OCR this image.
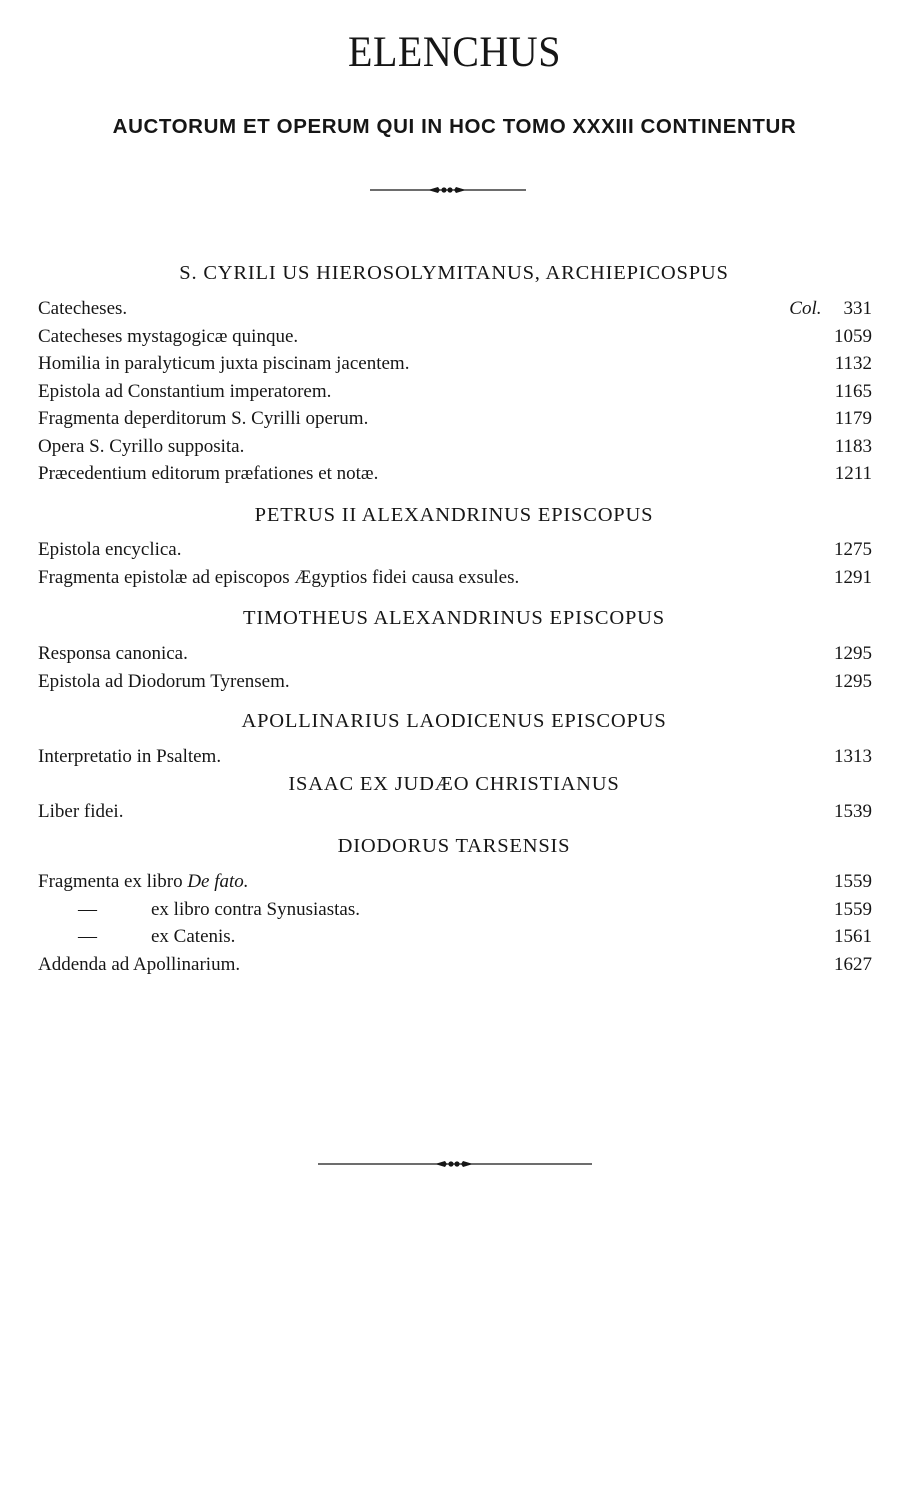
ELENCHUS
AUCTORUM ET OPERUM QUI IN HOC TOMO XXXIII CONTINENTUR
S. CYRILI US HIEROSOLYMITANUS, ARCHIEPICOSPUS
Catecheses.	Col. 331
Catecheses mystagogicæ quinque.	1059
Homilia in paralyticum juxta piscinam jacentem.	1132
Epistola ad Constantium imperatorem.	1165
Fragmenta deperditorum S. Cyrilli operum.	1179
Opera S. Cyrillo supposita.	1183
Præcedentium editorum præfationes et notæ.	1211
PETRUS II ALEXANDRINUS EPISCOPUS
Epistola encyclica.	1275
Fragmenta epistolæ ad episcopos Ægyptios fidei causa exsules.	1291
TIMOTHEUS ALEXANDRINUS EPISCOPUS
Responsa canonica.	1295
Epistola ad Diodorum Tyrensem.	1295
APOLLINARIUS LAODICENUS EPISCOPUS
Interpretatio in Psaltem.	1313
ISAAC EX JUDÆO CHRISTIANUS
Liber fidei.	1539
DIODORUS TARSENSIS
Fragmenta ex libro De fato.	1559
—	ex libro contra Synusiastas.	1559
—	ex Catenis.	1561
Addenda ad Apollinarium.	1627
